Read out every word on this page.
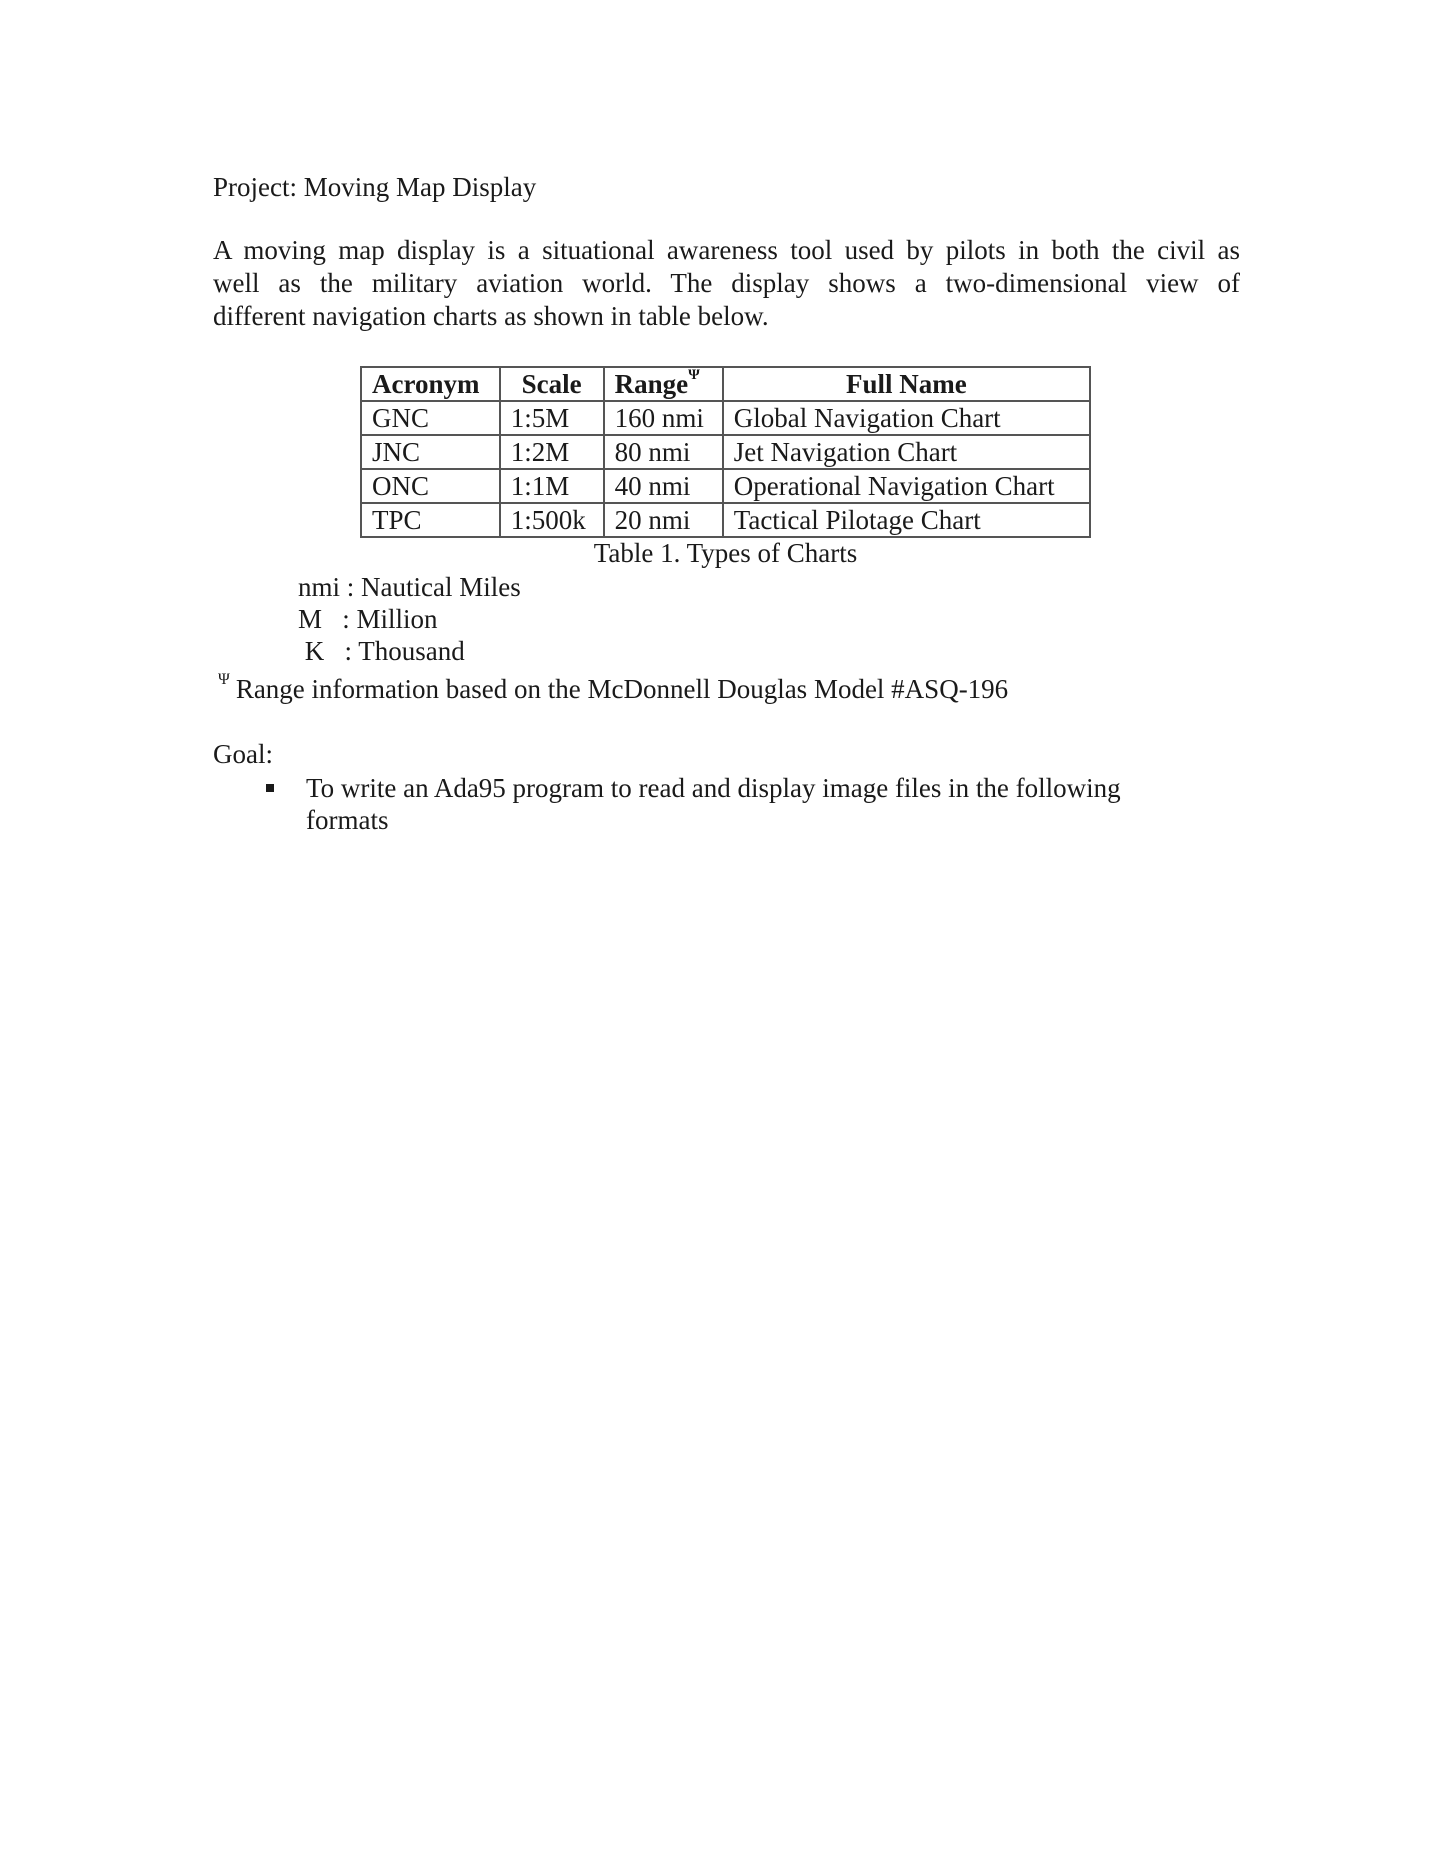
Project: Moving Map Display
A moving map display is a situational awareness tool used by pilots in both the civil as
well as the military aviation world. The display shows a two-dimensional view of
different navigation charts as shown in table below.
Acronym	Scale	Range$^\Psi$	Full Name
GNC	1:5M	160 nmi	Global Navigation Chart
JNC	1:2M	80 nmi	Jet Navigation Chart
ONC	1:1M	40 nmi	Operational Navigation Chart
TPC	1:500k	20 nmi	Tactical Pilotage Chart
Table 1. Types of Charts
nmi : Nautical Miles
M   : Million
K   : Thousand
$^\Psi$ Range information based on the McDonnell Douglas Model #ASQ-196
Goal:
To write an Ada95 program to read and display image files in the following formats
